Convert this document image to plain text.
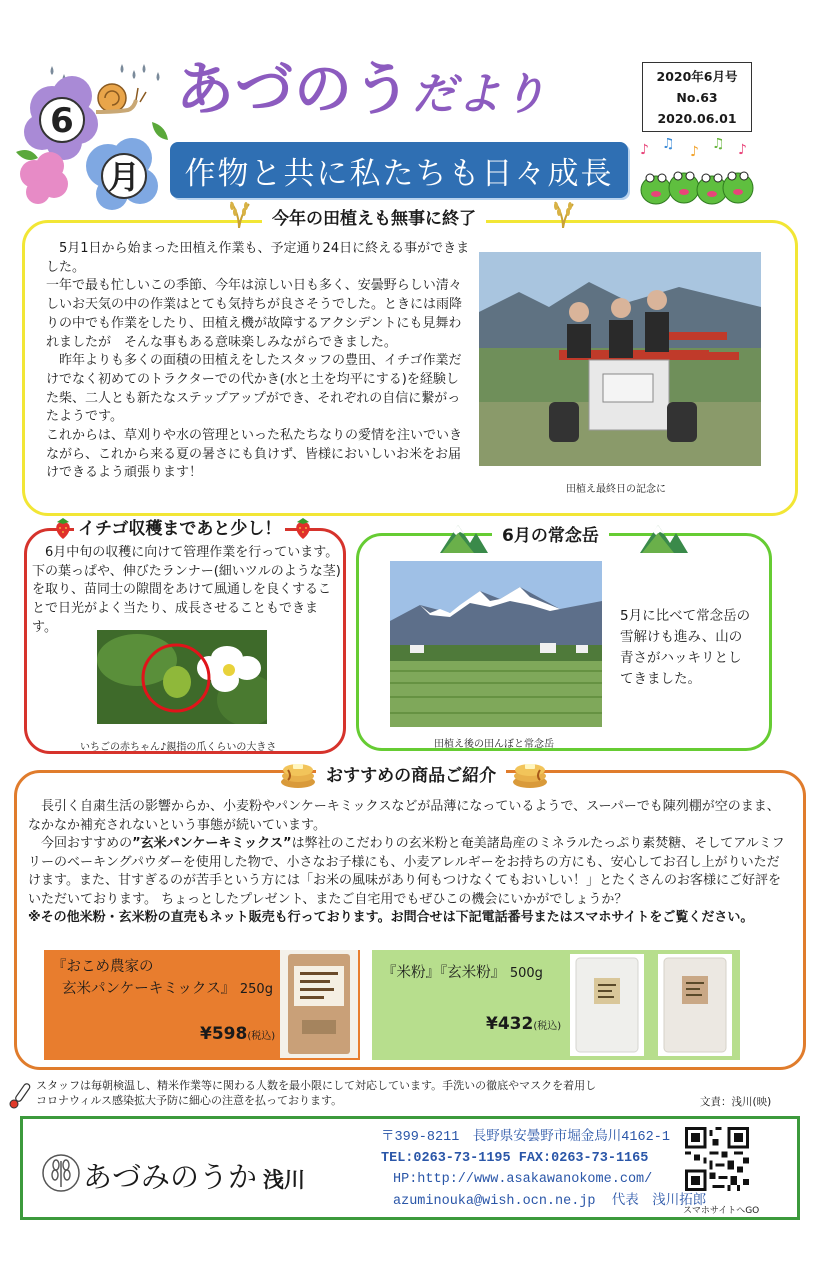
6
月
あづのうだより
作物と共に私たちも日々成長
2020年6月号
No.63
2020.06.01
♪ ♫ ♪ ♫ ♪
今年の田植えも無事に終了

　5月1日から始まった田植え作業も、予定通り24日に終える事ができました。

一年で最も忙しいこの季節、今年は涼しい日も多く、安曇野らしい清々しいお天気の中の作業はとても気持ちが良さそうでした。ときには雨降りの中でも作業をしたり、田植え機が故障するアクシデントにも見舞われましたが　そんな事もある意味楽しみながらできました。

　昨年よりも多くの面積の田植えをしたスタッフの豊田、イチゴ作業だけでなく初めてのトラクターでの代かき(水と土を均平にする)を経験した柴、二人とも新たなステップアップができ、それぞれの自信に繋がったようです。

これからは、草刈りや水の管理といった私たちなりの愛情を注いでいきながら、これから来る夏の暑さにも負けず、皆様においしいお米をお届けできるよう頑張ります！

田植え最終日の記念に
イチゴ収穫まであと少し！
　6月中旬の収穫に向けて管理作業を行っています。下の葉っぱや、伸びたランナー(細いツルのような茎)を取り、苗同士の隙間をあけて風通しを良くすることで日光がよく当たり、成長させることもできます。
いちごの赤ちゃん♪親指の爪くらいの大きさ
6月の常念岳
田植え後の田んぼと常念岳
5月に比べて常念岳の雪解けも進み、山の青さがハッキリとしてきました。
おすすめの商品ご紹介

　長引く自粛生活の影響からか、小麦粉やパンケーキミックスなどが品薄になっているようで、スーパーでも陳列棚が空のまま、なかなか補充されないという事態が続いています。

　今回おすすめの”玄米パンケーキミックス”は弊社のこだわりの玄米粉と奄美諸島産のミネラルたっぷり素焚糖、そしてアルミフリーのベーキングパウダーを使用した物で、小さなお子様にも、小麦アレルギーをお持ちの方にも、安心してお召し上がりいただけます。また、甘すぎるのが苦手という方には「お米の風味があり何もつけなくてもおいしい！」とたくさんのお客様にご好評をいただいております。 ちょっとしたプレゼント、またご自宅用でもぜひこの機会にいかがでしょうか？

※その他米粉・玄米粉の直売もネット販売も行っております。お問合せは下記電話番号またはスマホサイトをご覧ください。

『おこめ農家の
玄米パンケーキミックス』 250g
¥598(税込)
『米粉』『玄米粉』 500g
¥432(税込)
スタッフは毎朝検温し、精米作業等に関わる人数を最小限にして対応しています。手洗いの徹底やマスクを着用し
コロナウィルス感染拡大予防に細心の注意を払っております。	文責：浅川(映)
あづみのうか 浅川
〒399-8211　長野県安曇野市堀金烏川4162-1
TEL:0263-73-1195 FAX:0263-73-1165
HP:http://www.asakawanokome.com/
azuminouka@wish.ocn.ne.jp 代表　浅川拓郎
スマホサイトへGO
